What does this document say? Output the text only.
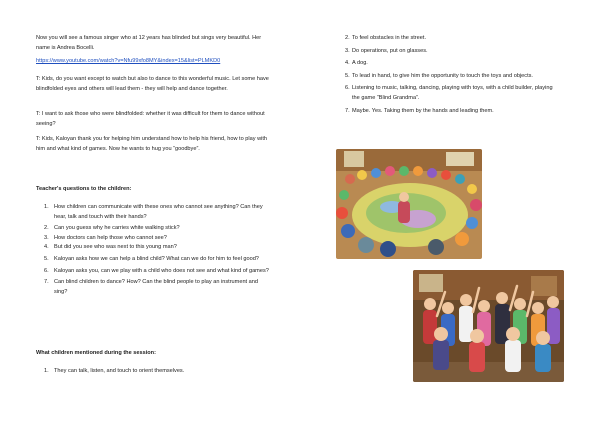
Now you will see a famous singer who at 12 years has blinded but sings very beautiful. Her name is Andrea Bocelli.

https://www.youtube.com/watch?v=Nfu99xfo8MY&index=15&list=PLMKD0

T: Kids, do you want except to watch but also to dance to this wonderful music. Let some have blindfolded eyes and others will lead them - they will help and dance together.

T: I want to ask those who were blindfolded: whether it was difficult for them to dance without seeing?

T: Kids, Kaloyan thank you for helping him understand how to help his friend, how to play with him and what kind of games. Now he wants to hug you “goodbye”.

Teacher's questions to the children:

1. How children can communicate with these ones who cannot see anything? Can they hear, talk and touch with their hands?
2. Can you guess why he carries white walking stick?
3. How doctors can help those who cannot see?
4. But did you see who was next to this young man?
5. Kaloyan asks how we can help a blind child? What can we do for him to feel good?
6. Kaloyan asks you, can we play with a child who does not see and what kind of games?
7. Can blind children to dance? How? Can the blind people to play an instrument and sing?

What children mentioned during the session:

1. They can talk, listen, and touch to orient themselves.
2. To feel obstacles in the street.
3. Do operations, put on glasses.
4. A dog.
5. To lead in hand, to give him the opportunity to touch the toys and objects.
6. Listening to music, talking, dancing, playing with toys, with a child builder, playing the game “Blind Grandma”.
7. Maybe. Yes. Taking them by the hands and leading them.
